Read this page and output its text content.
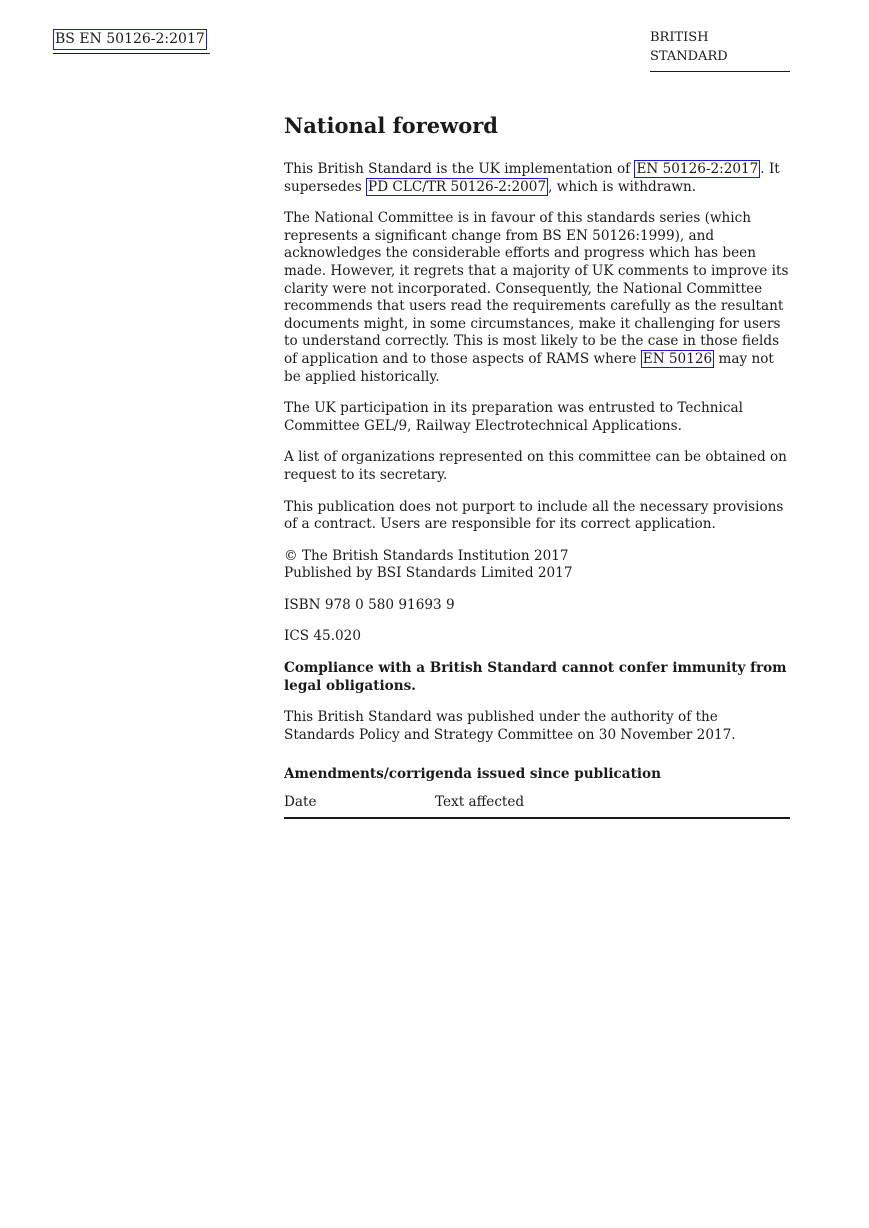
BS EN 50126-2:2017	BRITISH STANDARD
National foreword

This British Standard is the UK implementation of EN 50126-2:2017 . It supersedes PD CLC/TR 50126-2:2007 , which is withdrawn.

The National Committee is in favour of this standards series (which represents a significant change from BS EN 50126:1999), and acknowledges the considerable efforts and progress which has been made. However, it regrets that a majority of UK comments to improve its clarity were not incorporated. Consequently, the National Committee recommends that users read the requirements carefully as the resultant documents might, in some circumstances, make it challenging for users to understand correctly. This is most likely to be the case in those fields of application and to those aspects of RAMS where EN 50126 may not be applied historically.

The UK participation in its preparation was entrusted to Technical Committee GEL/9, Railway Electrotechnical Applications.

A list of organizations represented on this committee can be obtained on request to its secretary.

This publication does not purport to include all the necessary provisions of a contract. Users are responsible for its correct application.

© The British Standards Institution 2017
Published by BSI Standards Limited 2017

ISBN 978 0 580 91693 9

ICS 45.020

Compliance with a British Standard cannot confer immunity from legal obligations.

This British Standard was published under the authority of the Standards Policy and Strategy Committee on 30 November 2017.

Amendments/corrigenda issued since publication
Date	Text affected
